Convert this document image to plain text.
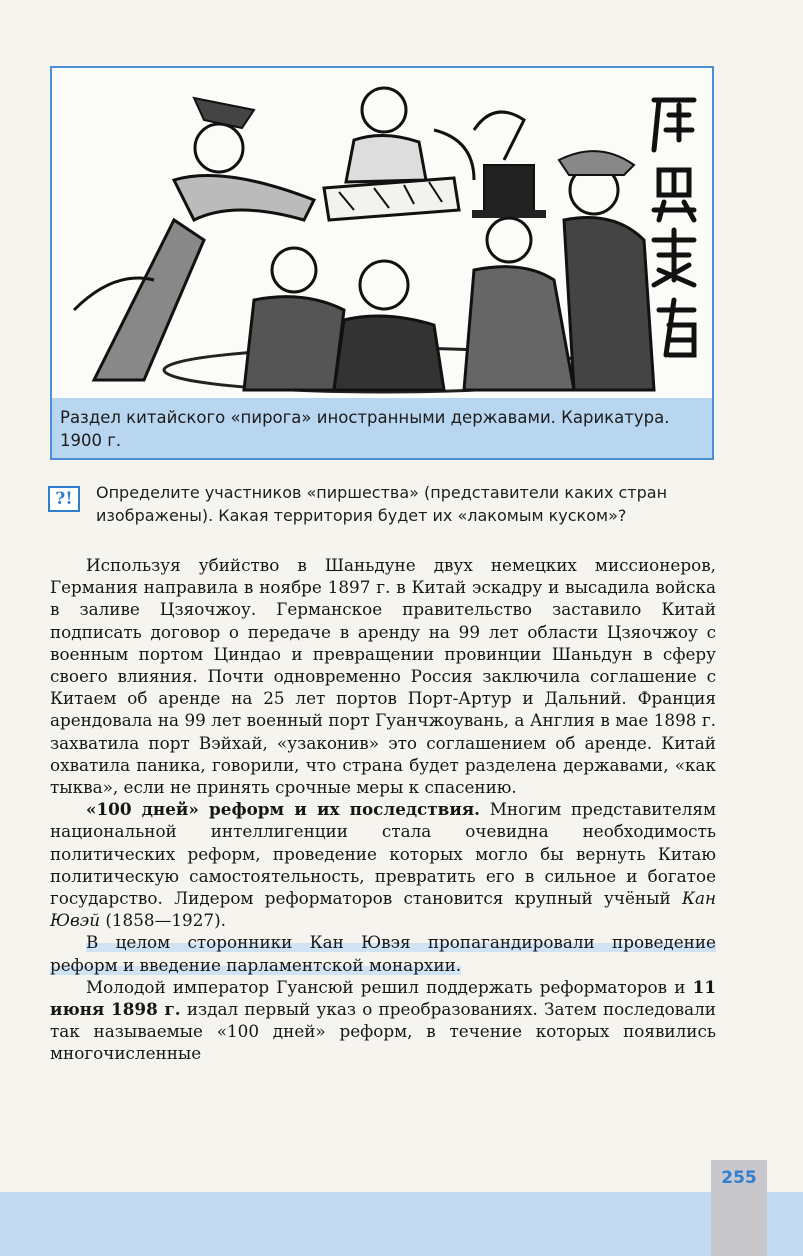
Раздел китайского «пирога» иностранными державами. Карикатура. 1900 г.
?!	Определите участников «пиршества» (представители каких стран изображены). Какая территория будет их «лакомым куском»?

Используя убийство в Шаньдуне двух немецких миссионеров, Германия направила в ноябре 1897 г. в Китай эскадру и высадила войска в заливе Цзяочжоу. Германское правительство заставило Китай подписать договор о передаче в аренду на 99 лет области Цзяочжоу с военным портом Циндао и превращении провинции Шаньдун в сферу своего влияния. Почти одновременно Россия заключила соглашение с Китаем об аренде на 25 лет портов Порт-Артур и Дальний. Франция арендовала на 99 лет военный порт Гуанчжоувань, а Англия в мае 1898 г. захватила порт Вэйхай, «узаконив» это соглашением об аренде. Китай охватила паника, говорили, что страна будет разделена державами, «как тыква», если не принять срочные меры к спасению.

«100 дней» реформ и их последствия. Многим представителям национальной интеллигенции стала очевидна необходимость политических реформ, проведение которых могло бы вернуть Китаю политическую самостоятельность, превратить его в сильное и богатое государство. Лидером реформаторов становится крупный учёный Кан Ювэй (1858—1927).

В целом сторонники Кан Ювэя пропагандировали проведение реформ и введение парламентской монархии.

Молодой император Гуансюй решил поддержать реформаторов и 11 июня 1898 г. издал первый указ о преобразованиях. Затем последовали так называемые «100 дней» реформ, в течение которых появились многочисленные

255
